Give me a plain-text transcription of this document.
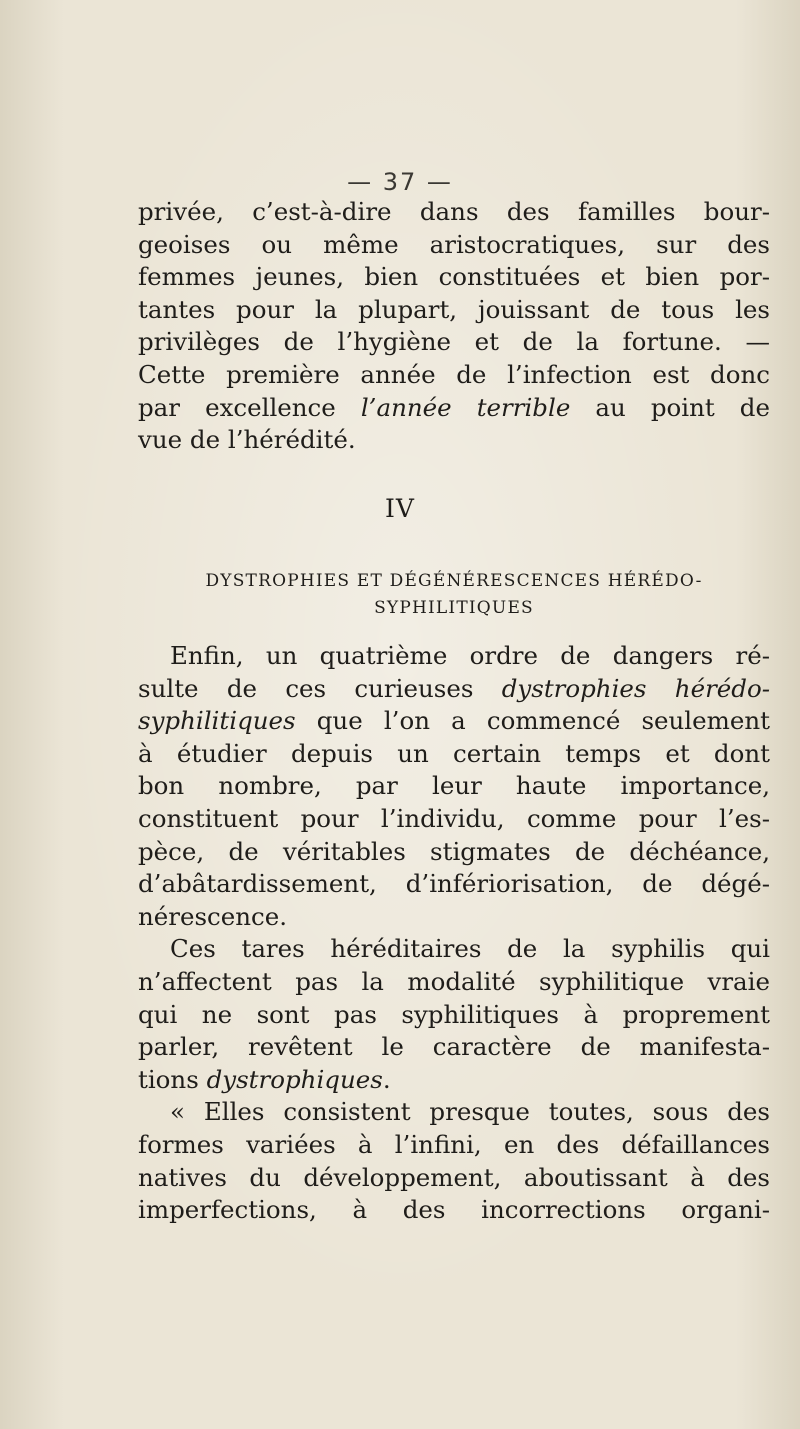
— 37 —
privée, c’est-à-dire dans des familles bour-
geoises ou même aristocratiques, sur des
femmes jeunes, bien constituées et bien por-
tantes pour la plupart, jouissant de tous les
privilèges de l’hygiène et de la fortune. —
Cette première année de l’infection est donc
par excellence l’année terrible au point de
vue de l’hérédité.
IV
DYSTROPHIES ET DÉGÉNÉRESCENCES HÉRÉDO-
SYPHILITIQUES
Enfin, un quatrième ordre de dangers ré-
sulte de ces curieuses dystrophies hérédo-
syphilitiques que l’on a commencé seulement
à étudier depuis un certain temps et dont
bon nombre, par leur haute importance,
constituent pour l’individu, comme pour l’es-
pèce, de véritables stigmates de déchéance,
d’abâtardissement, d’infériorisation, de dégé-
nérescence.
Ces tares héréditaires de la syphilis qui
n’affectent pas la modalité syphilitique vraie
qui ne sont pas syphilitiques à proprement
parler, revêtent le caractère de manifesta-
tions dystrophiques.
« Elles consistent presque toutes, sous des
formes variées à l’infini, en des défaillances
natives du développement, aboutissant à des
imperfections, à des incorrections organi-
